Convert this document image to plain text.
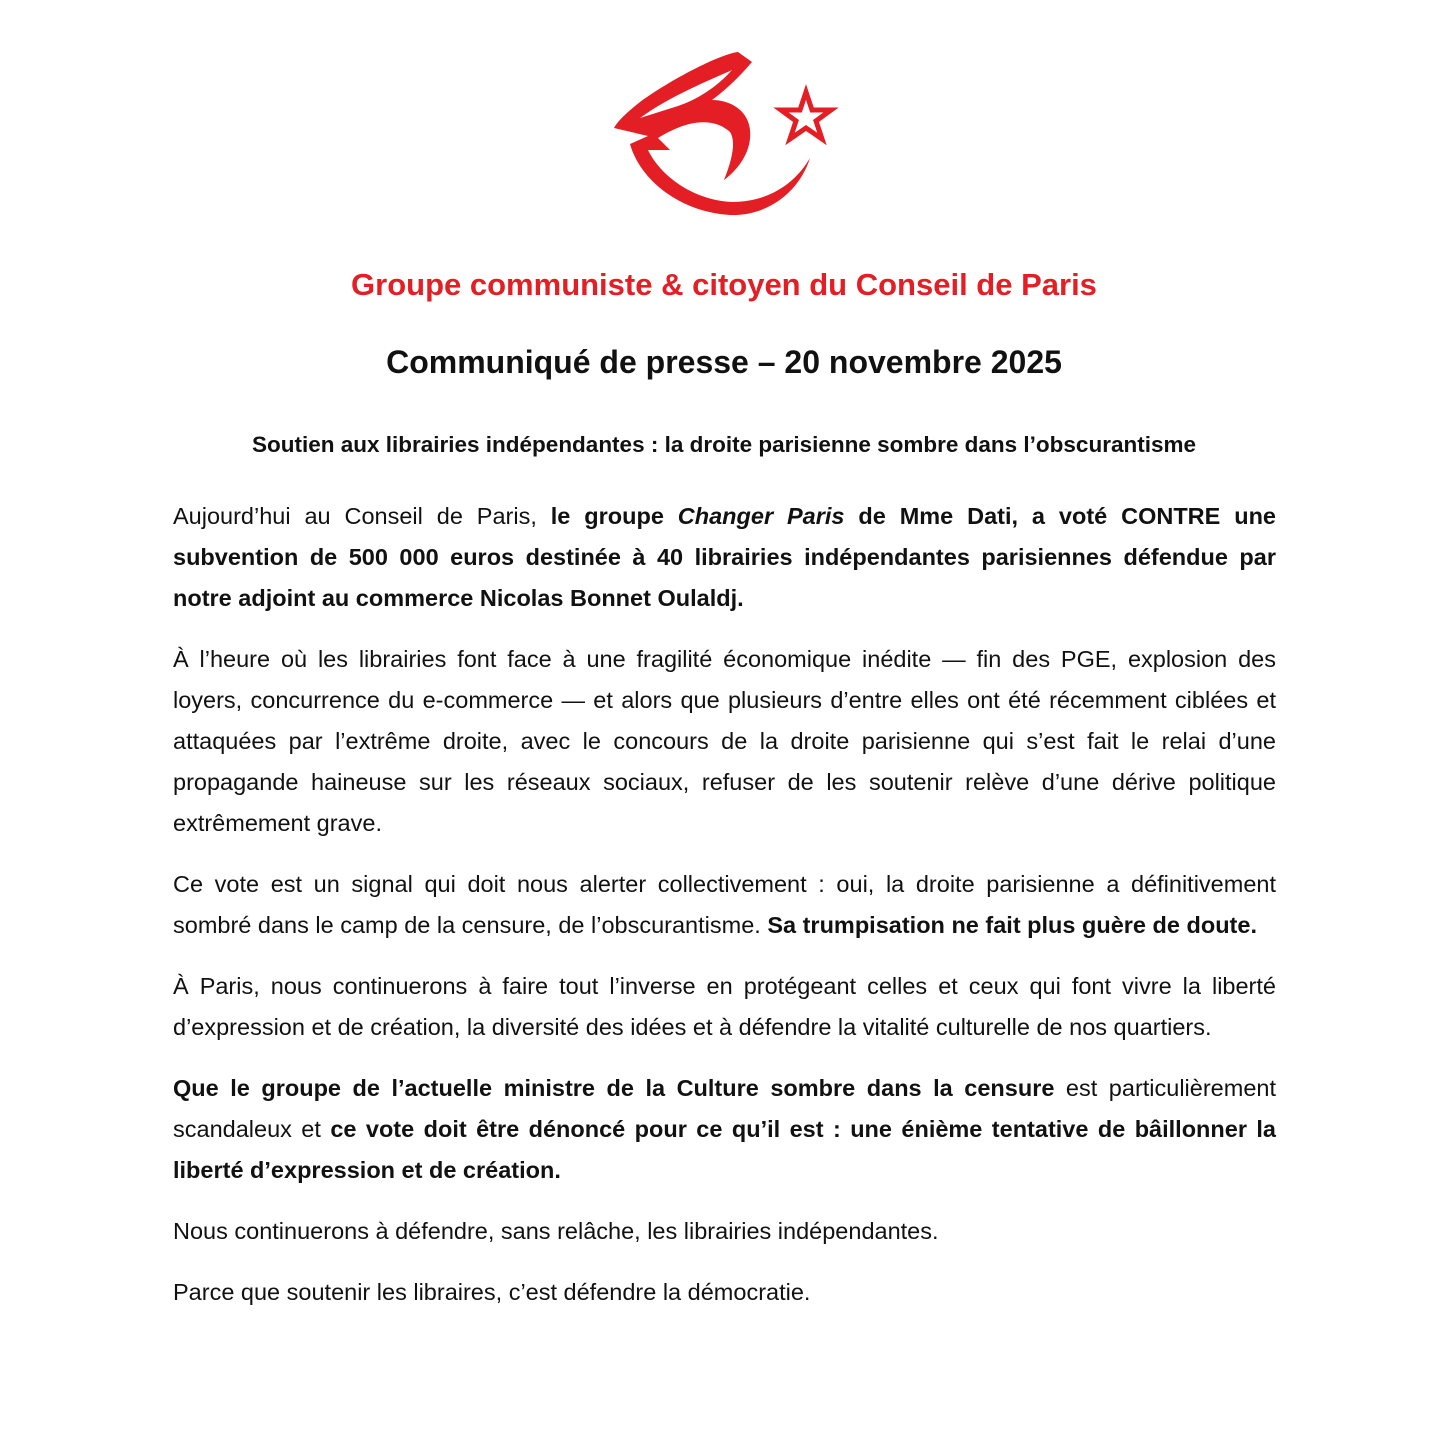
Groupe communiste & citoyen du Conseil de Paris
Communiqué de presse – 20 novembre 2025
Soutien aux librairies indépendantes : la droite parisienne sombre dans l’obscurantisme

Aujourd’hui au Conseil de Paris, le groupe Changer Paris de Mme Dati, a voté CONTRE une subvention de 500 000 euros destinée à 40 librairies indépendantes parisiennes défendue par notre adjoint au commerce Nicolas Bonnet Oulaldj.

À l’heure où les librairies font face à une fragilité économique inédite — fin des PGE, explosion des loyers, concurrence du e-commerce — et alors que plusieurs d’entre elles ont été récemment ciblées et attaquées par l’extrême droite, avec le concours de la droite parisienne qui s’est fait le relai d’une propagande haineuse sur les réseaux sociaux, refuser de les soutenir relève d’une dérive politique extrêmement grave.

Ce vote est un signal qui doit nous alerter collectivement : oui, la droite parisienne a définitivement sombré dans le camp de la censure, de l’obscurantisme. Sa trumpisation ne fait plus guère de doute.

À Paris, nous continuerons à faire tout l’inverse en protégeant celles et ceux qui font vivre la liberté d’expression et de création, la diversité des idées et à défendre la vitalité culturelle de nos quartiers.

Que le groupe de l’actuelle ministre de la Culture sombre dans la censure est particulièrement scandaleux et ce vote doit être dénoncé pour ce qu’il est : une énième tentative de bâillonner la liberté d’expression et de création.

Nous continuerons à défendre, sans relâche, les librairies indépendantes.

Parce que soutenir les libraires, c’est défendre la démocratie.
